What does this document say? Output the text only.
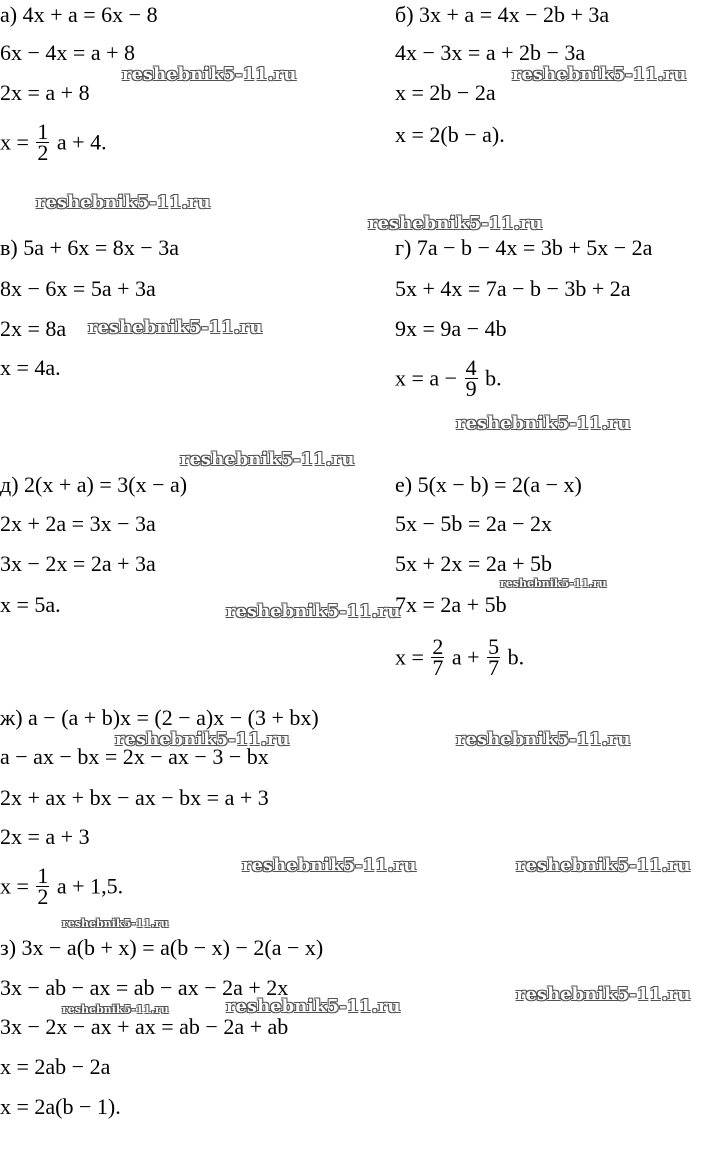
а) 4x + a = 6x − 8
6x − 4x = a + 8
2x = a + 8
$x = \frac{1}{2}$ a + 4.
б) 3x + a = 4x − 2b + 3a
4x − 3x = a + 2b − 3a
x = 2b − 2a
x = 2(b − a).
в) 5a + 6x = 8x − 3a
8x − 6x = 5a + 3a
2x = 8a
x = 4a.
г) 7a − b − 4x = 3b + 5x − 2a
5x + 4x = 7a − b − 3b + 2a
9x = 9a − 4b
$x = a - \frac{4}{9} b$.
д) 2(x + a) = 3(x − a)
2x + 2a = 3x − 3a
3x − 2x = 2a + 3a
x = 5a.
е) 5(x − b) = 2(a − x)
5x − 5b = 2a − 2x
5x + 2x = 2a + 5b
7x = 2a + 5b
$x = \frac{2}{7}$ $a + \frac{5}{7} b$.
ж) a − (a + b)x = (2 − a)x − (3 + bx)
a − ax − bx = 2x − ax − 3 − bx
2x + ax + bx − ax − bx = a + 3
2x = a + 3
$x = \frac{1}{2}$ a + 1,5.
з) 3x − a(b + x) = a(b − x) − 2(a − x)
3x − ab − ax = ab − ax − 2a + 2x
3x − 2x − ax + ax = ab − 2a + ab
x = 2ab − 2a
x = 2a(b − 1).
reshebnik5-11.ru	reshebnik5-11.ru
reshebnik5-11.ru
reshebnik5-11.ru
reshebnik5-11.ru
reshebnik5-11.ru
reshebnik5-11.ru
reshebnik5-11.ru
reshebnik5-11.ru
reshebnik5-11.ru	reshebnik5-11.ru
reshebnik5-11.ru	reshebnik5-11.ru
reshebnik5-11.ru
reshebnik5-11.ru	reshebnik5-11.ru
reshebnik5-11.ru
